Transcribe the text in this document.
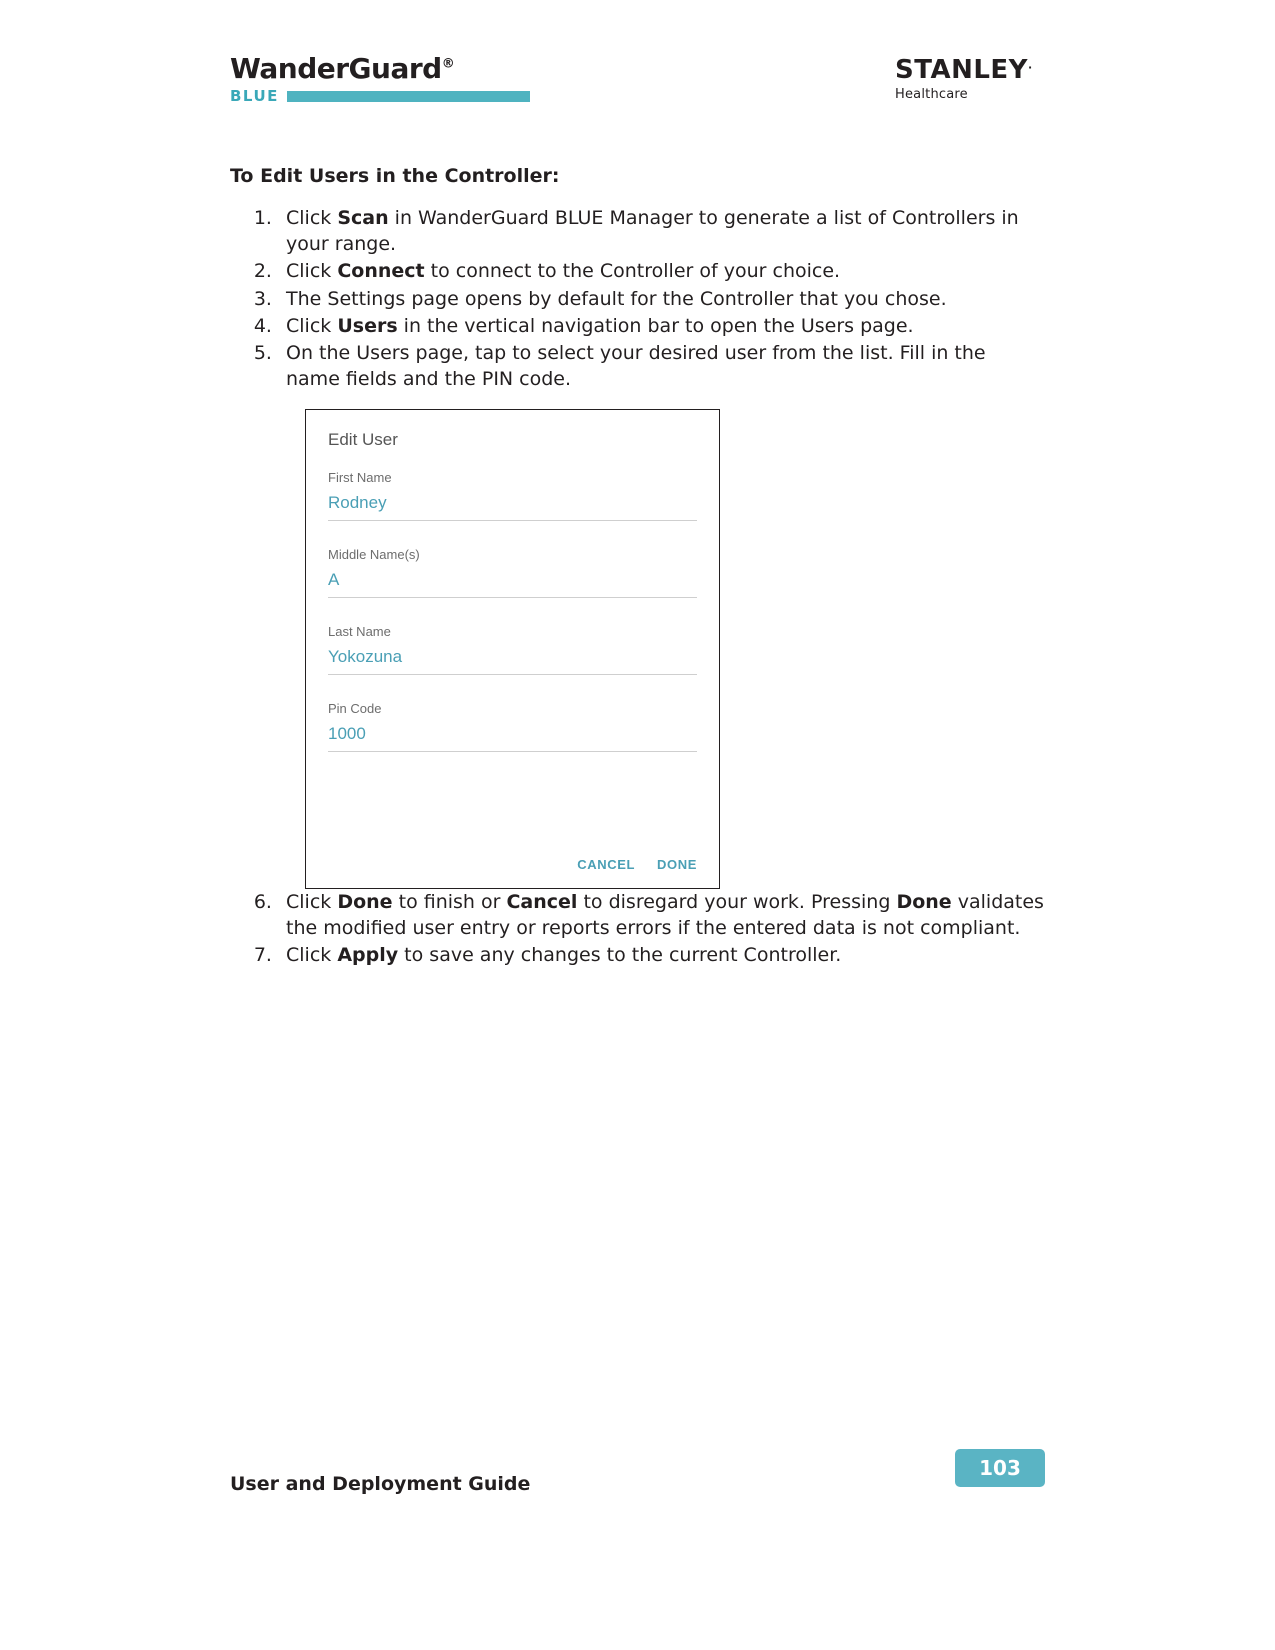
WanderGuard®
BLUE
STANLEY.
Healthcare
To Edit Users in the Controller:
1. Click Scan in WanderGuard BLUE Manager to generate a list of Controllers in your range.
2. Click Connect to connect to the Controller of your choice.
3. The Settings page opens by default for the Controller that you chose.
4. Click Users in the vertical navigation bar to open the Users page.
5. On the Users page, tap to select your desired user from the list. Fill in the name fields and the PIN code.
Edit User
First Name
Rodney
Middle Name(s)
A
Last Name
Yokozuna
Pin Code
1000
CANCEL DONE
6. Click Done to finish or Cancel to disregard your work. Pressing Done validates the modified user entry or reports errors if the entered data is not compliant.
7. Click Apply to save any changes to the current Controller.
User and Deployment Guide
103
